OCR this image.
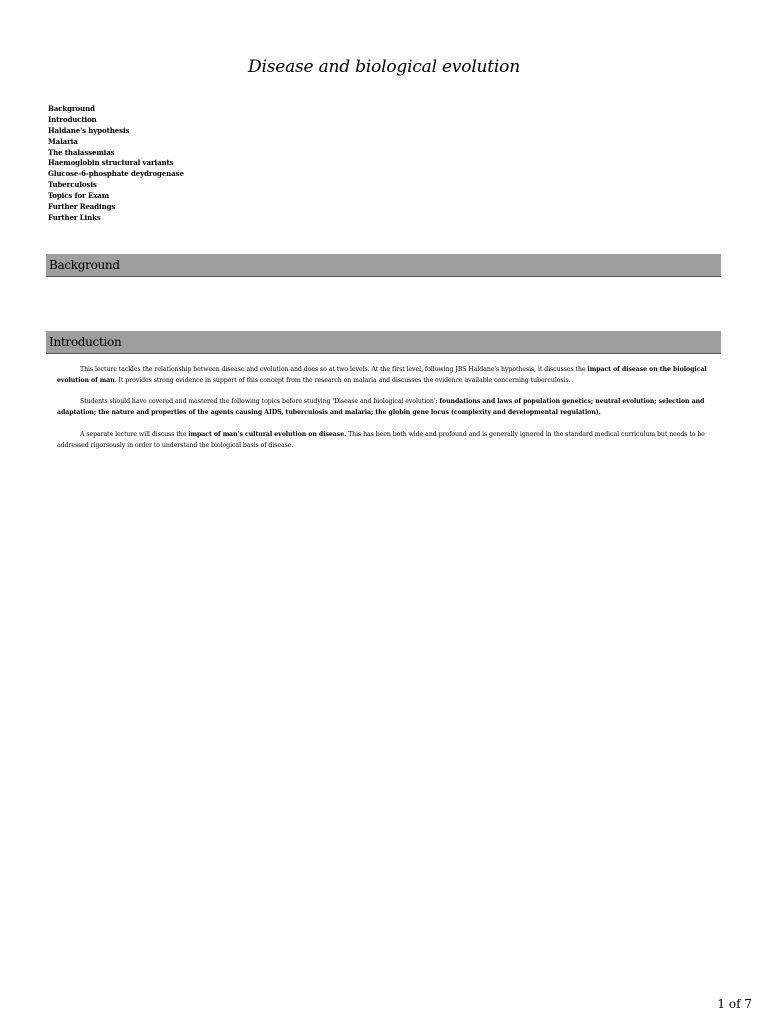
Disease and biological evolution
Background
Introduction
Haldane's hypothesis
Malaria
The thalassemias
Haemoglobin structural variants
Glucose-6-phosphate deydrogenase
Tuberculosis
Topics for Exam
Further Readings
Further Links
Background
Introduction

This lecture tackles the relationship between disease and evolution and does so at two levels. At the first level, following JBS Haldane's hypothesis, it discusses the impact of disease on the biological evolution of man. It provides strong evidence in support of this concept from the research on malaria and discusses the evidence available concerning tuberculosis.

Students should have covered and mastered the following topics before studying 'Disease and biological evolution': foundations and laws of population genetics; neutral evolution; selection and adaptation; the nature and properties of the agents causing AIDS, tuberculosis and malaria; the globin gene locus (complexity and developmental regulation).

A separate lecture will discuss the impact of man's cultural evolution on disease. This has been both wide and profound and is generally ignored in the standard medical curriculum but needs to be addressed rigorsously in order to understand the biological basis of disease.

1 of 7
